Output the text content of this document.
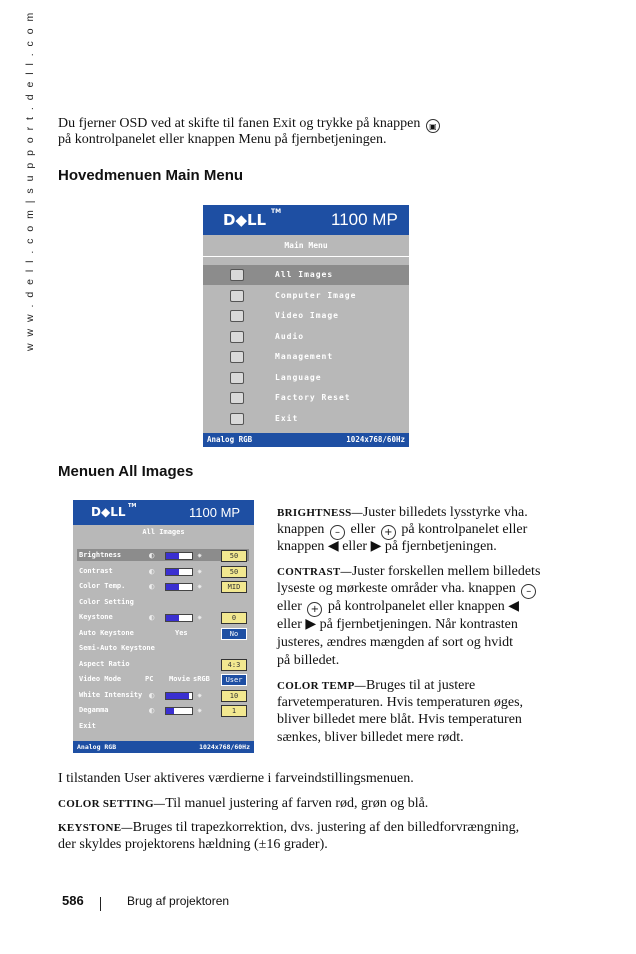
w w w . d e l l . c o m | s u p p o r t . d e l l . c o m Du fjerner OSD ved at skifte til fanen Exit og trykke på knappen ▣

på kontrolpanelet eller knappen Menu på fjernbetjeningen.

Hovedmenuen Main Menu
D◆LL TM	1100 MP
Main Menu
All Images
Computer Image
Video Image
Audio
Management
Language
Factory Reset
Exit
Analog RGB	1024x768/60Hz
Menuen All Images
D◆LL TM	1100 MP
All Images
Brightness	◐	✷	50
Contrast	◐	✷	50
Color Temp.	◐	✷	MID
Color Setting
Keystone	◐	✷	0
Auto Keystone	Yes	No
Semi-Auto Keystone
Aspect Ratio	4:3
Video Mode	PC Movie sRGB	User
White Intensity ◐	✷	10
Degamma	◐	✷	1
Exit
Analog RGB	1024x768/60Hz

BRIGHTNESS—Juster billedets lysstyrke vha.

knappen – eller + på kontrolpanelet eller

knappen ◀ eller ▶ på fjernbetjeningen.

CONTRAST—Juster forskellen mellem billedets

lyseste og mørkeste områder vha. knappen –

eller + på kontrolpanelet eller knappen ◀

eller ▶ på fjernbetjeningen. Når kontrasten

justeres, ændres mængden af sort og hvidt

på billedet.

COLOR TEMP—Bruges til at justere

farvetemperaturen. Hvis temperaturen øges,

bliver billedet mere blåt. Hvis temperaturen

sænkes, bliver billedet mere rødt.

I tilstanden User aktiveres værdierne i farveindstillingsmenuen.

COLOR SETTING—Til manuel justering af farven rød, grøn og blå.

KEYSTONE—Bruges til trapezkorrektion, dvs. justering af den billedforvrængning,

der skyldes projektorens hældning (±16 grader).

586	Brug af projektoren
